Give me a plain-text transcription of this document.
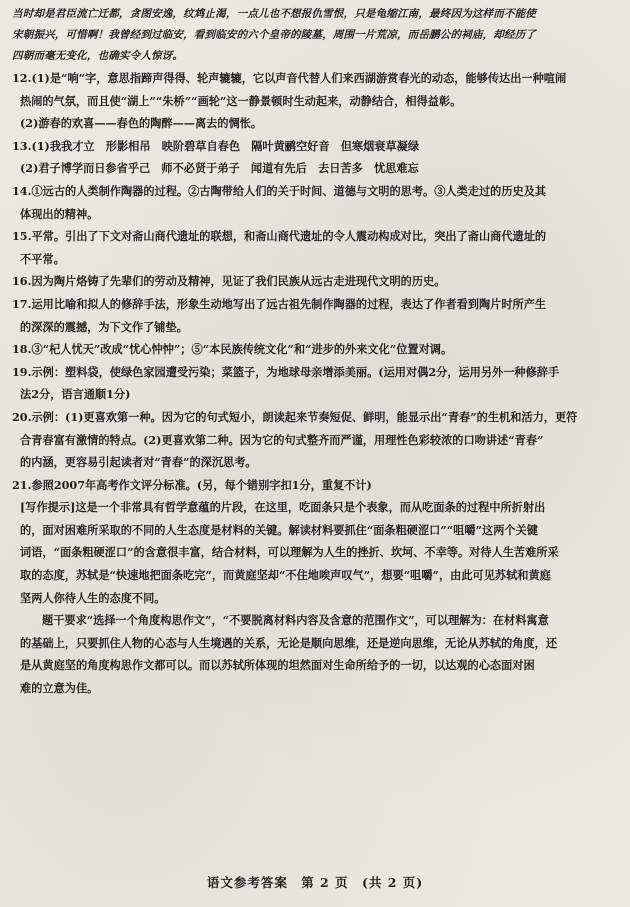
当时却是君臣流亡迁都，贪图安逸，纹鸩止渴，一点儿也不想报仇雪恨，只是龟缩江南，最终因为这样而不能使
宋朝振兴，可惜啊！我曾经到过临安，看到临安的六个皇帝的陵墓，周围一片荒凉，而岳鹏公的祠庙，却经历了
四朝而毫无变化，也确实令人惊讶。
12.(1)是“响”字，意思指蹄声得得、轮声辘辘，它以声音代替人们来西湖游赏春光的动态，能够传达出一种喧闹
热闹的气氛，而且使“湖上”“朱桥”“画轮”这一静景顿时生动起来，动静结合，相得益彰。
(2)游春的欢喜——春色的陶醉——离去的惆怅。
13.(1)我我才立　形影相吊　映阶碧草自春色　隔叶黄鹂空好音　但寒烟衰草凝绿
(2)君子博学而日参省乎己　师不必贤于弟子　闻道有先后　去日苦多　忧思难忘
14.①远古的人类制作陶器的过程。②古陶带给人们的关于时间、道德与文明的思考。③人类走过的历史及其
体现出的精神。
15.平常。引出了下文对斋山商代遗址的联想，和斋山商代遗址的令人震动构成对比，突出了斋山商代遗址的
不平常。
16.因为陶片烙铸了先辈们的劳动及精神，见证了我们民族从远古走进现代文明的历史。
17.运用比喻和拟人的修辞手法，形象生动地写出了远古祖先制作陶器的过程，表达了作者看到陶片时所产生
的深深的震撼，为下文作了铺垫。
18.③“杞人忧天”改成“忧心忡忡”；⑤“本民族传统文化”和“进步的外来文化”位置对调。
19.示例：塑料袋，使绿色家园遭受污染；菜篮子，为地球母亲增添美丽。(运用对偶2分，运用另外一种修辞手
法2分，语言通顺1分)
20.示例：(1)更喜欢第一种。因为它的句式短小，朗读起来节奏短促、鲜明，能显示出“青春”的生机和活力，更符
合青春富有激情的特点。(2)更喜欢第二种。因为它的句式整齐而严谨，用理性色彩较浓的口吻讲述“青春”
的内涵，更容易引起读者对“青春”的深沉思考。
21.参照2007年高考作文评分标准。(另，每个错别字扣1分，重复不计)
[写作提示]这是一个非常具有哲学意蕴的片段，在这里，吃面条只是个表象，而从吃面条的过程中所折射出
的，面对困难所采取的不同的人生态度是材料的关键。解读材料要抓住“面条粗硬涩口”“咀嚼”这两个关键
词语，“面条粗硬涩口”的含意很丰富，结合材料，可以理解为人生的挫折、坎坷、不幸等。对待人生苦难所采
取的态度，苏轼是“快速地把面条吃完”，而黄庭坚却“不住地唉声叹气”，想要“咀嚼”，由此可见苏轼和黄庭
坚两人你待人生的态度不同。
题干要求“选择一个角度构思作文”，“不要脱离材料内容及含意的范围作文”，可以理解为：在材料寓意
的基础上，只要抓住人物的心态与人生境遇的关系，无论是顺向思维，还是逆向思维，无论从苏轼的角度，还
是从黄庭坚的角度构思作文都可以。而以苏轼所体现的坦然面对生命所给予的一切，以达观的心态面对困
难的立意为佳。
语文参考答案 第 2 页 (共 2 页)
